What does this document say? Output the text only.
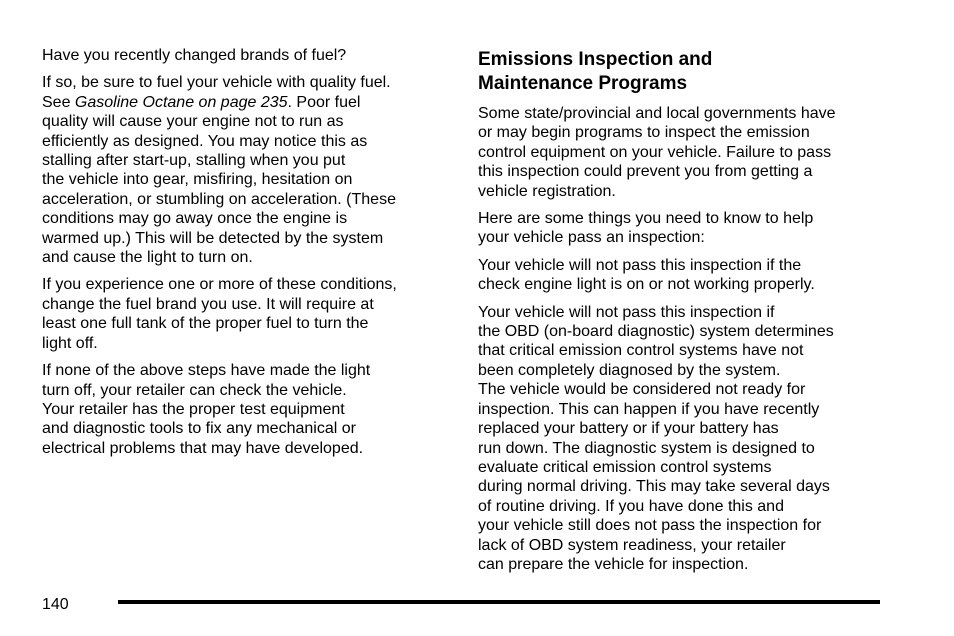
Have you recently changed brands of fuel?

If so, be sure to fuel your vehicle with quality fuel.
See Gasoline Octane on page 235. Poor fuel
quality will cause your engine not to run as
efficiently as designed. You may notice this as
stalling after start-up, stalling when you put
the vehicle into gear, misfiring, hesitation on
acceleration, or stumbling on acceleration. (These
conditions may go away once the engine is
warmed up.) This will be detected by the system
and cause the light to turn on.

If you experience one or more of these conditions,
change the fuel brand you use. It will require at
least one full tank of the proper fuel to turn the
light off.

If none of the above steps have made the light
turn off, your retailer can check the vehicle.
Your retailer has the proper test equipment
and diagnostic tools to fix any mechanical or
electrical problems that may have developed.

Emissions Inspection and
Maintenance Programs

Some state/provincial and local governments have
or may begin programs to inspect the emission
control equipment on your vehicle. Failure to pass
this inspection could prevent you from getting a
vehicle registration.

Here are some things you need to know to help
your vehicle pass an inspection:

Your vehicle will not pass this inspection if the
check engine light is on or not working properly.

Your vehicle will not pass this inspection if
the OBD (on-board diagnostic) system determines
that critical emission control systems have not
been completely diagnosed by the system.
The vehicle would be considered not ready for
inspection. This can happen if you have recently
replaced your battery or if your battery has
run down. The diagnostic system is designed to
evaluate critical emission control systems
during normal driving. This may take several days
of routine driving. If you have done this and
your vehicle still does not pass the inspection for
lack of OBD system readiness, your retailer
can prepare the vehicle for inspection.

140
